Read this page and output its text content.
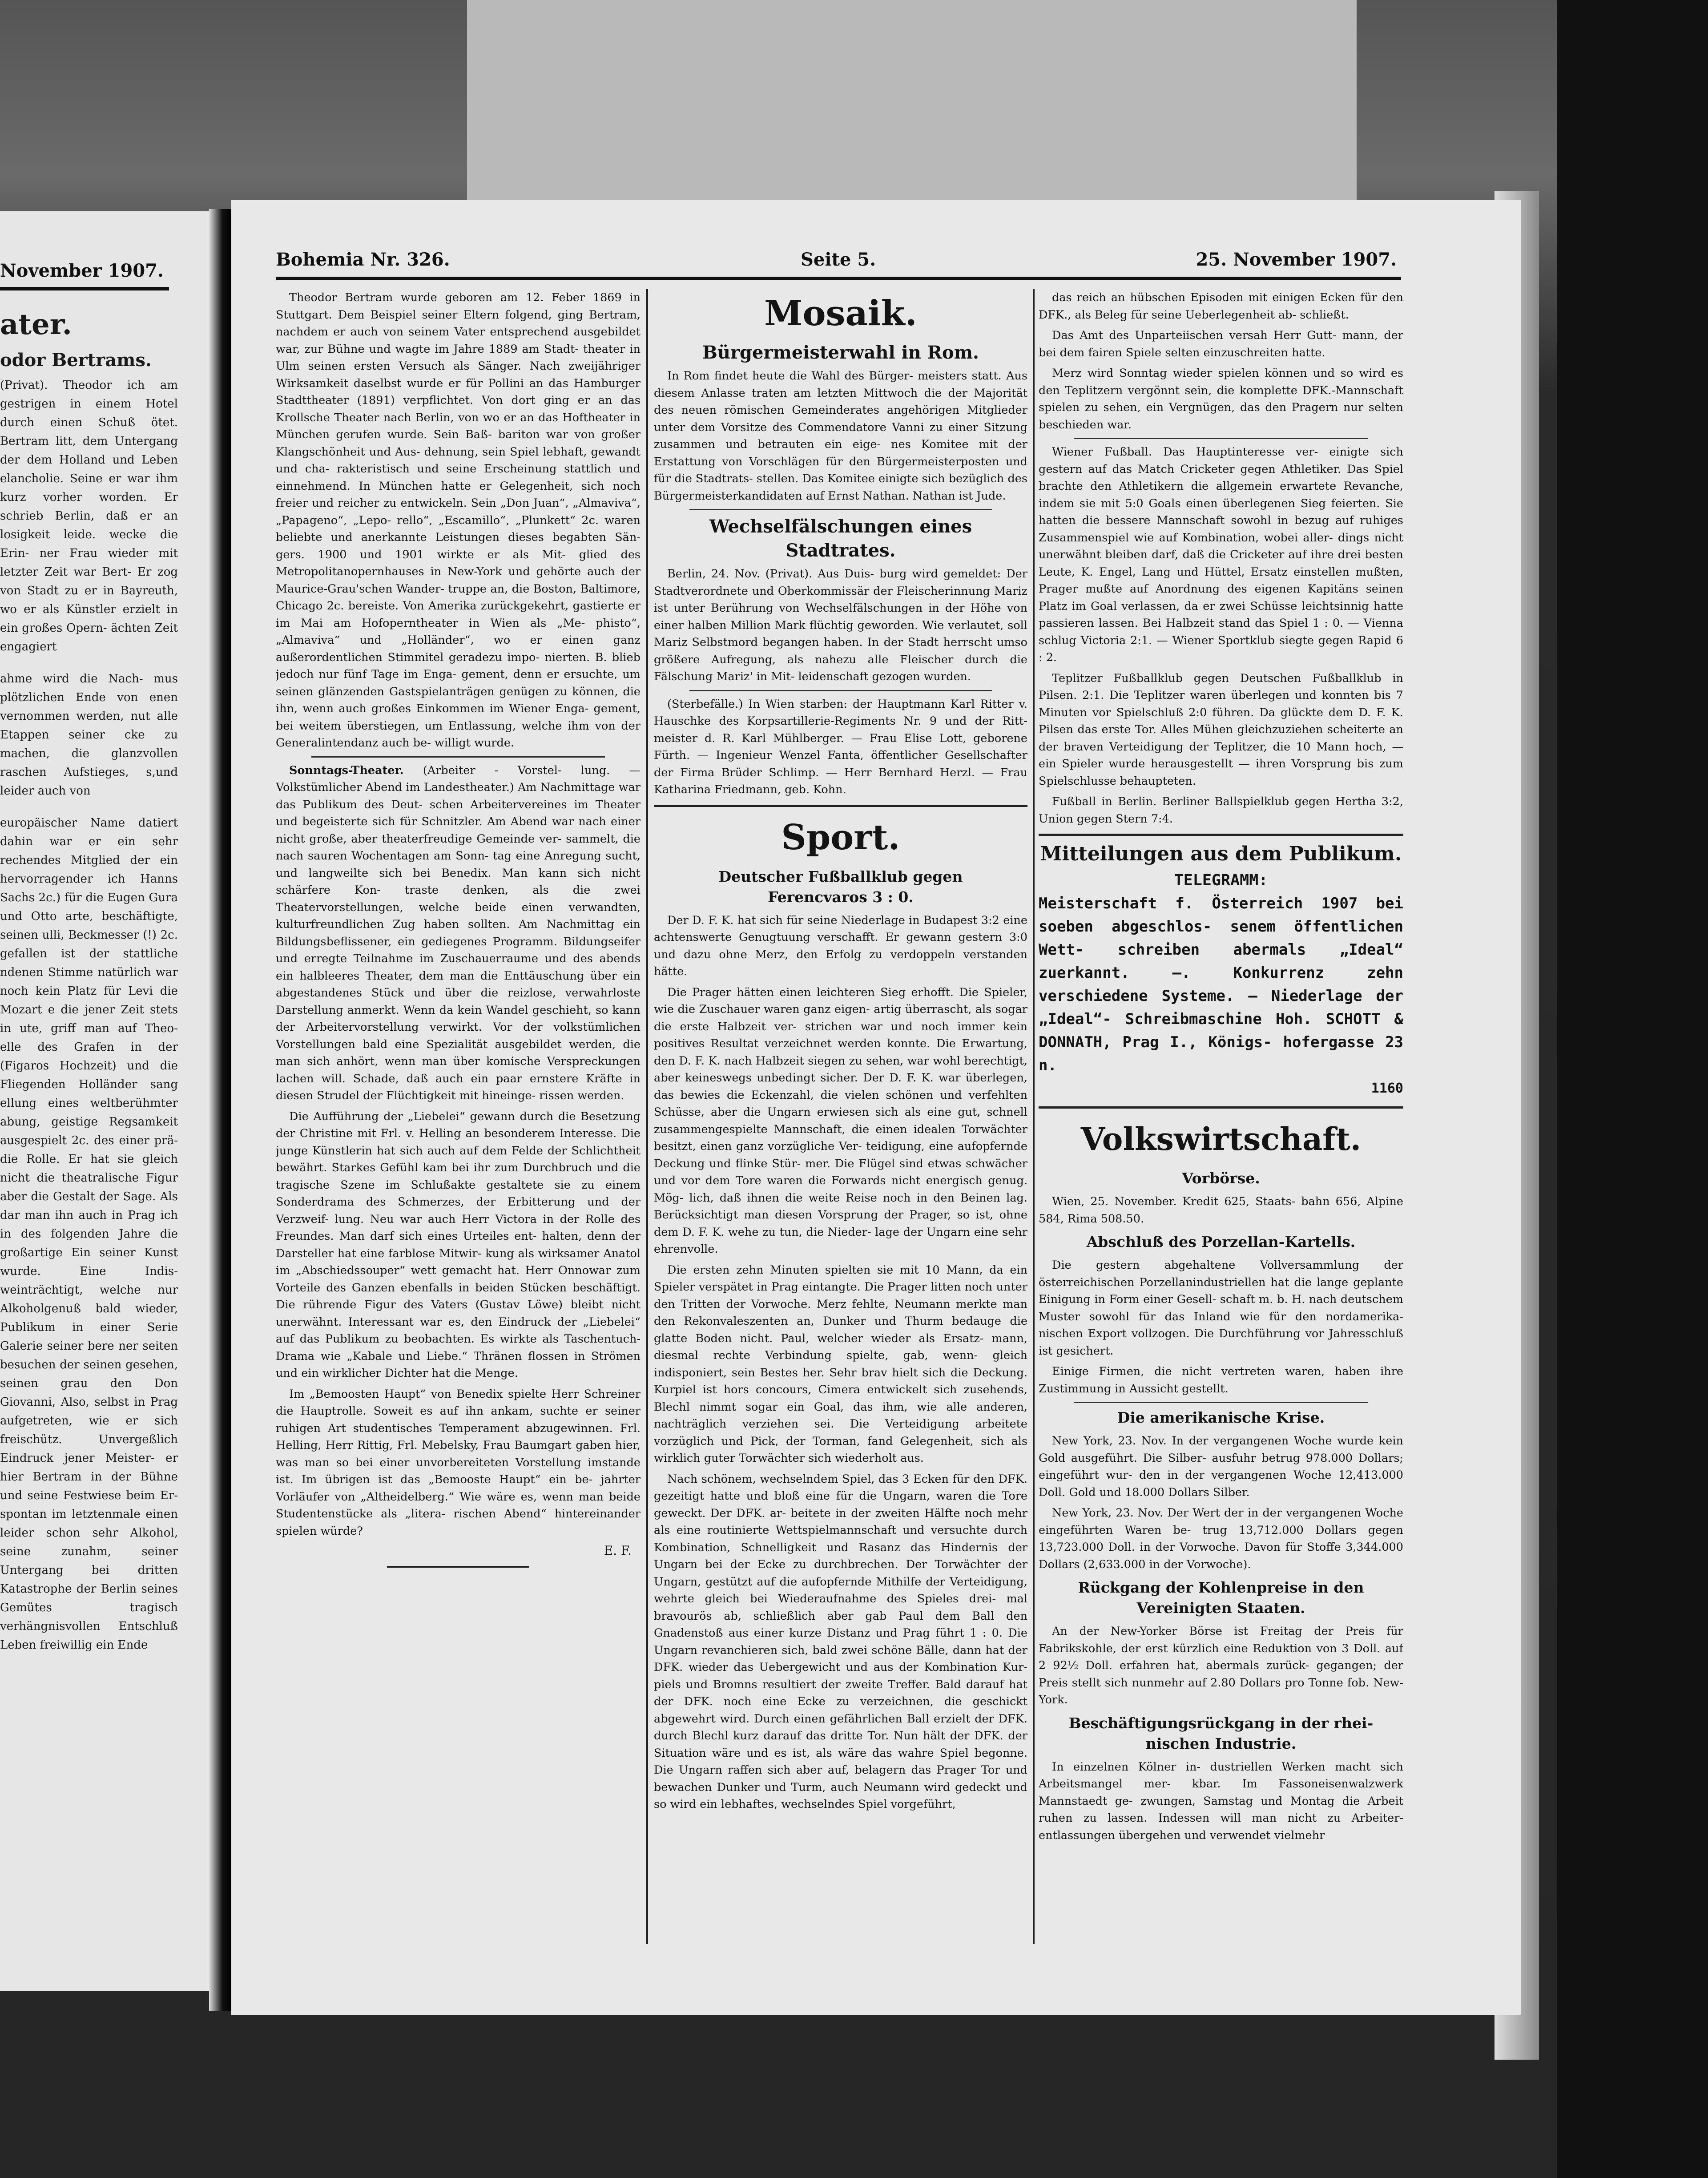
November 1907.
ater.
odor Bertrams.
(Privat). Theodor ich am gestrigen in einem Hotel durch einen Schuß ötet. Bertram litt, dem Untergang der dem Holland und Leben elancholie. Seine er war ihm kurz vorher worden. Er schrieb Berlin, daß er an losigkeit leide. wecke die Erin- ner Frau wieder mit letzter Zeit war Bert- Er zog von Stadt zu er in Bayreuth, wo er als Künstler erzielt in ein großes Opern- ächten Zeit engagiert
ahme wird die Nach- mus plötzlichen Ende von enen vernommen werden, nut alle Etappen seiner cke zu machen, die glanzvollen raschen Aufstieges, s,und leider auch von
europäischer Name datiert dahin war er ein sehr rechendes Mitglied der ein hervorragender ich Hanns Sachs 2c.) für die Eugen Gura und Otto arte, beschäftigte, seinen ulli, Beckmesser (!) 2c. gefallen ist der stattliche ndenen Stimme natürlich war noch kein Platz für Levi die Mozart e die jener Zeit stets in ute, griff man auf Theo- elle des Grafen in der (Figaros Hochzeit) und die Fliegenden Holländer sang ellung eines weltberühmter abung, geistige Regsamkeit ausgespielt 2c. des einer prä- die Rolle. Er hat sie gleich nicht die theatralische Figur aber die Gestalt der Sage. Als dar man ihn auch in Prag ich in des folgenden Jahre die großartige Ein seiner Kunst wurde. Eine Indis- weinträchtigt, welche nur Alkoholgenuß bald wieder, Publikum in einer Serie Galerie seiner bere ner seiten besuchen der seinen gesehen, seinen grau den Don Giovanni, Also, selbst in Prag aufgetreten, wie er sich freischütz. Unvergeßlich Eindruck jener Meister- er hier Bertram in der Bühne und seine Festwiese beim Er- spontan im letztenmale einen leider schon sehr Alkohol, seine zunahm, seiner Untergang bei dritten Katastrophe der Berlin seines Gemütes tragisch verhängnisvollen Entschluß Leben freiwillig ein Ende
Bohemia Nr. 326.	Seite 5.	25. November 1907.

Theodor Bertram wurde geboren am 12. Feber 1869 in Stuttgart. Dem Beispiel seiner Eltern folgend, ging Bertram, nachdem er auch von seinem Vater entsprechend ausgebildet war, zur Bühne und wagte im Jahre 1889 am Stadt- theater in Ulm seinen ersten Versuch als Sänger. Nach zweijähriger Wirksamkeit daselbst wurde er für Pollini an das Hamburger Stadttheater (1891) verpflichtet. Von dort ging er an das Krollsche Theater nach Berlin, von wo er an das Hoftheater in München gerufen wurde. Sein Baß- bariton war von großer Klangschönheit und Aus- dehnung, sein Spiel lebhaft, gewandt und cha- rakteristisch und seine Erscheinung stattlich und einnehmend. In München hatte er Gelegenheit, sich noch freier und reicher zu entwickeln. Sein „Don Juan“, „Almaviva“, „Papageno“, „Lepo- rello“, „Escamillo“, „Plunkett“ 2c. waren beliebte und anerkannte Leistungen dieses begabten Sän- gers. 1900 und 1901 wirkte er als Mit- glied des Metropolitanopernhauses in New-York und gehörte auch der Maurice-Grau'schen Wander- truppe an, die Boston, Baltimore, Chicago 2c. bereiste. Von Amerika zurückgekehrt, gastierte er im Mai am Hofoperntheater in Wien als „Me- phisto“, „Almaviva“ und „Holländer“, wo er einen ganz außerordentlichen Stimmitel geradezu impo- nierten. B. blieb jedoch nur fünf Tage im Enga- gement, denn er ersuchte, um seinen glänzenden Gastspielanträgen genügen zu können, die ihn, wenn auch großes Einkommen im Wiener Enga- gement, bei weitem überstiegen, um Entlassung, welche ihm von der Generalintendanz auch be- willigt wurde.

Sonntags-Theater. (Arbeiter - Vorstel- lung. — Volkstümlicher Abend im Landestheater.) Am Nachmittage war das Publikum des Deut- schen Arbeitervereines im Theater und begeisterte sich für Schnitzler. Am Abend war nach einer nicht große, aber theaterfreudige Gemeinde ver- sammelt, die nach sauren Wochentagen am Sonn- tag eine Anregung sucht, und langweilte sich bei Benedix. Man kann sich nicht schärfere Kon- traste denken, als die zwei Theatervorstellungen, welche beide einen verwandten, kulturfreundlichen Zug haben sollten. Am Nachmittag ein Bildungsbeflissener, ein gediegenes Programm. Bildungseifer und erregte Teilnahme im Zuschauerraume und des abends ein halbleeres Theater, dem man die Enttäuschung über ein abgestandenes Stück und über die reizlose, verwahrloste Darstellung anmerkt. Wenn da kein Wandel geschieht, so kann der Arbeitervorstellung verwirkt. Vor der volkstümlichen Vorstellungen bald eine Spezialität ausgebildet werden, die man sich anhört, wenn man über komische Verspreckungen lachen will. Schade, daß auch ein paar ernstere Kräfte in diesen Strudel der Flüchtigkeit mit hineinge- rissen werden.

Die Aufführung der „Liebelei“ gewann durch die Besetzung der Christine mit Frl. v. Helling an besonderem Interesse. Die junge Künstlerin hat sich auch auf dem Felde der Schlichtheit bewährt. Starkes Gefühl kam bei ihr zum Durchbruch und die tragische Szene im Schlußakte gestaltete sie zu einem Sonderdrama des Schmerzes, der Erbitterung und der Verzweif- lung. Neu war auch Herr Victora in der Rolle des Freundes. Man darf sich eines Urteiles ent- halten, denn der Darsteller hat eine farblose Mitwir- kung als wirksamer Anatol im „Abschiedssouper“ wett gemacht hat. Herr Onnowar zum Vorteile des Ganzen ebenfalls in beiden Stücken beschäftigt. Die rührende Figur des Vaters (Gustav Löwe) bleibt nicht unerwähnt. Interessant war es, den Eindruck der „Liebelei“ auf das Publikum zu beobachten. Es wirkte als Taschentuch-Drama wie „Kabale und Liebe.“ Thränen flossen in Strömen und ein wirklicher Dichter hat die Menge.

Im „Bemoosten Haupt“ von Benedix spielte Herr Schreiner die Hauptrolle. Soweit es auf ihn ankam, suchte er seiner ruhigen Art studentisches Temperament abzugewinnen. Frl. Helling, Herr Rittig, Frl. Mebelsky, Frau Baumgart gaben hier, was man so bei einer unvorbereiteten Vorstellung imstande ist. Im übrigen ist das „Bemooste Haupt“ ein be- jahrter Vorläufer von „Altheidelberg.“ Wie wäre es, wenn man beide Studentenstücke als „litera- rischen Abend“ hintereinander spielen würde?

E. F.
Mosaik.
Bürgermeisterwahl in Rom.

In Rom findet heute die Wahl des Bürger- meisters statt. Aus diesem Anlasse traten am letzten Mittwoch die der Majorität des neuen römischen Gemeinderates angehörigen Mitglieder unter dem Vorsitze des Commendatore Vanni zu einer Sitzung zusammen und betrauten ein eige- nes Komitee mit der Erstattung von Vorschlägen für den Bürgermeisterposten und für die Stadtrats- stellen. Das Komitee einigte sich bezüglich des Bürgermeisterkandidaten auf Ernst Nathan. Nathan ist Jude.

Wechselfälschungen eines Stadtrates.

Berlin, 24. Nov. (Privat). Aus Duis- burg wird gemeldet: Der Stadtverordnete und Oberkommissär der Fleischerinnung Mariz ist unter Berührung von Wechselfälschungen in der Höhe von einer halben Million Mark flüchtig geworden. Wie verlautet, soll Mariz Selbstmord begangen haben. In der Stadt herrscht umso größere Aufregung, als nahezu alle Fleischer durch die Fälschung Mariz' in Mit- leidenschaft gezogen wurden.

(Sterbefälle.) In Wien starben: der Hauptmann Karl Ritter v. Hauschke des Korpsartillerie-Regiments Nr. 9 und der Ritt- meister d. R. Karl Mühlberger. — Frau Elise Lott, geborene Fürth. — Ingenieur Wenzel Fanta, öffentlicher Gesellschafter der Firma Brüder Schlimp. — Herr Bernhard Herzl. — Frau Katharina Friedmann, geb. Kohn.

Sport.
Deutscher Fußballklub gegen
Ferencvaros 3 : 0.

Der D. F. K. hat sich für seine Niederlage in Budapest 3:2 eine achtenswerte Genugtuung verschafft. Er gewann gestern 3:0 und dazu ohne Merz, den Erfolg zu verdoppeln verstanden hätte.

Die Prager hätten einen leichteren Sieg erhofft. Die Spieler, wie die Zuschauer waren ganz eigen- artig überrascht, als sogar die erste Halbzeit ver- strichen war und noch immer kein positives Resultat verzeichnet werden konnte. Die Erwartung, den D. F. K. nach Halbzeit siegen zu sehen, war wohl berechtigt, aber keineswegs unbedingt sicher. Der D. F. K. war überlegen, das bewies die Eckenzahl, die vielen schönen und verfehlten Schüsse, aber die Ungarn erwiesen sich als eine gut, schnell zusammengespielte Mannschaft, die einen idealen Torwächter besitzt, einen ganz vorzügliche Ver- teidigung, eine aufopfernde Deckung und flinke Stür- mer. Die Flügel sind etwas schwächer und vor dem Tore waren die Forwards nicht energisch genug. Mög- lich, daß ihnen die weite Reise noch in den Beinen lag. Berücksichtigt man diesen Vorsprung der Prager, so ist, ohne dem D. F. K. wehe zu tun, die Nieder- lage der Ungarn eine sehr ehrenvolle.

Die ersten zehn Minuten spielten sie mit 10 Mann, da ein Spieler verspätet in Prag eintangte. Die Prager litten noch unter den Tritten der Vorwoche. Merz fehlte, Neumann merkte man den Rekonvaleszenten an, Dunker und Thurm bedauge die glatte Boden nicht. Paul, welcher wieder als Ersatz- mann, diesmal rechte Verbindung spielte, gab, wenn- gleich indisponiert, sein Bestes her. Sehr brav hielt sich die Deckung. Kurpiel ist hors concours, Cimera entwickelt sich zusehends, Blechl nimmt sogar ein Goal, das ihm, wie alle anderen, nachträglich verziehen sei. Die Verteidigung arbeitete vorzüglich und Pick, der Torman, fand Gelegenheit, sich als wirklich guter Torwächter sich wiederholt aus.

Nach schönem, wechselndem Spiel, das 3 Ecken für den DFK. gezeitigt hatte und bloß eine für die Ungarn, waren die Tore geweckt. Der DFK. ar- beitete in der zweiten Hälfte noch mehr als eine routinierte Wettspielmannschaft und versuchte durch Kombination, Schnelligkeit und Rasanz das Hindernis der Ungarn bei der Ecke zu durchbrechen. Der Torwächter der Ungarn, gestützt auf die aufopfernde Mithilfe der Verteidigung, wehrte gleich bei Wiederaufnahme des Spieles drei- mal bravourös ab, schließlich aber gab Paul dem Ball den Gnadenstoß aus einer kurze Distanz und Prag führt 1 : 0. Die Ungarn revanchieren sich, bald zwei schöne Bälle, dann hat der DFK. wieder das Uebergewicht und aus der Kombination Kur- piels und Bromns resultiert der zweite Treffer. Bald darauf hat der DFK. noch eine Ecke zu verzeichnen, die geschickt abgewehrt wird. Durch einen gefährlichen Ball erzielt der DFK. durch Blechl kurz darauf das dritte Tor. Nun hält der DFK. der Situation wäre und es ist, als wäre das wahre Spiel begonne. Die Ungarn raffen sich aber auf, belagern das Prager Tor und bewachen Dunker und Turm, auch Neumann wird gedeckt und so wird ein lebhaftes, wechselndes Spiel vorgeführt,

das reich an hübschen Episoden mit einigen Ecken für den DFK., als Beleg für seine Ueberlegenheit ab- schließt.

Das Amt des Unparteiischen versah Herr Gutt- mann, der bei dem fairen Spiele selten einzuschreiten hatte.

Merz wird Sonntag wieder spielen können und so wird es den Teplitzern vergönnt sein, die komplette DFK.-Mannschaft spielen zu sehen, ein Vergnügen, das den Pragern nur selten beschieden war.

Wiener Fußball. Das Hauptinteresse ver- einigte sich gestern auf das Match Cricketer gegen Athletiker. Das Spiel brachte den Athletikern die allgemein erwartete Revanche, indem sie mit 5:0 Goals einen überlegenen Sieg feierten. Sie hatten die bessere Mannschaft sowohl in bezug auf ruhiges Zusammenspiel wie auf Kombination, wobei aller- dings nicht unerwähnt bleiben darf, daß die Cricketer auf ihre drei besten Leute, K. Engel, Lang und Hüttel, Ersatz einstellen mußten, Prager mußte auf Anordnung des eigenen Kapitäns seinen Platz im Goal verlassen, da er zwei Schüsse leichtsinnig hatte passieren lassen. Bei Halbzeit stand das Spiel 1 : 0. — Vienna schlug Victoria 2:1. — Wiener Sportklub siegte gegen Rapid 6 : 2.

Teplitzer Fußballklub gegen Deutschen Fußballklub in Pilsen. 2:1. Die Teplitzer waren überlegen und konnten bis 7 Minuten vor Spielschluß 2:0 führen. Da glückte dem D. F. K. Pilsen das erste Tor. Alles Mühen gleichzuziehen scheiterte an der braven Verteidigung der Teplitzer, die 10 Mann hoch, — ein Spieler wurde herausgestellt — ihren Vorsprung bis zum Spielschlusse behaupteten.

Fußball in Berlin. Berliner Ballspielklub gegen Hertha 3:2, Union gegen Stern 7:4.

Mitteilungen aus dem Publikum.

TELEGRAMM:

Meisterschaft f. Österreich 1907 bei soeben abgeschlos- senem öffentlichen Wett- schreiben abermals „Ideal“ zuerkannt. —. Konkurrenz zehn verschiedene Systeme. — Niederlage der „Ideal“- Schreibmaschine Hoh. SCHOTT & DONNATH, Prag I., Königs- hofergasse 23 n.

1160

Volkswirtschaft.
Vorbörse.

Wien, 25. November. Kredit 625, Staats- bahn 656, Alpine 584, Rima 508.50.

Abschluß des Porzellan-Kartells.

Die gestern abgehaltene Vollversammlung der österreichischen Porzellanindustriellen hat die lange geplante Einigung in Form einer Gesell- schaft m. b. H. nach deutschem Muster sowohl für das Inland wie für den nordamerika- nischen Export vollzogen. Die Durchführung vor Jahresschluß ist gesichert.

Einige Firmen, die nicht vertreten waren, haben ihre Zustimmung in Aussicht gestellt.

Die amerikanische Krise.

New York, 23. Nov. In der vergangenen Woche wurde kein Gold ausgeführt. Die Silber- ausfuhr betrug 978.000 Dollars; eingeführt wur- den in der vergangenen Woche 12,413.000 Doll. Gold und 18.000 Dollars Silber.

New York, 23. Nov. Der Wert der in der vergangenen Woche eingeführten Waren be- trug 13,712.000 Dollars gegen 13,723.000 Doll. in der Vorwoche. Davon für Stoffe 3,344.000 Dollars (2,633.000 in der Vorwoche).

Rückgang der Kohlenpreise in den Vereinigten Staaten.

An der New-Yorker Börse ist Freitag der Preis für Fabrikskohle, der erst kürzlich eine Reduktion von 3 Doll. auf 2 92½ Doll. erfahren hat, abermals zurück- gegangen; der Preis stellt sich nunmehr auf 2.80 Dollars pro Tonne fob. New-York.

Beschäftigungsrückgang in der rhei- nischen Industrie.

In einzelnen Kölner in- dustriellen Werken macht sich Arbeitsmangel mer- kbar. Im Fassoneisenwalzwerk Mannstaedt ge- zwungen, Samstag und Montag die Arbeit ruhen zu lassen. Indessen will man nicht zu Arbeiter- entlassungen übergehen und verwendet vielmehr
